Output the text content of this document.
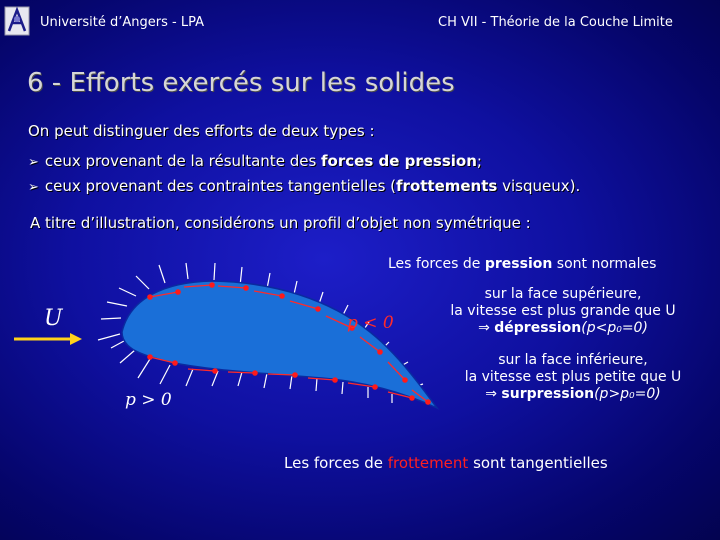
Université d’Angers - LPA	CH VII - Théorie de la Couche Limite
6 - Efforts exercés sur les solides
On peut distinguer des efforts de deux types :
➢ ceux provenant de la résultante des forces de pression;
➢ ceux provenant des contraintes tangentielles (frottements visqueux).
A titre d’illustration, considérons un profil d’objet non symétrique :
U	p < 0
p > 0
Les forces de pression sont normales
sur la face supérieure,
la vitesse est plus grande que U
⇒ dépression(p<p₀=0)
sur la face inférieure,
la vitesse est plus petite que U
⇒ surpression(p>p₀=0)
Les forces de frottement sont tangentielles
